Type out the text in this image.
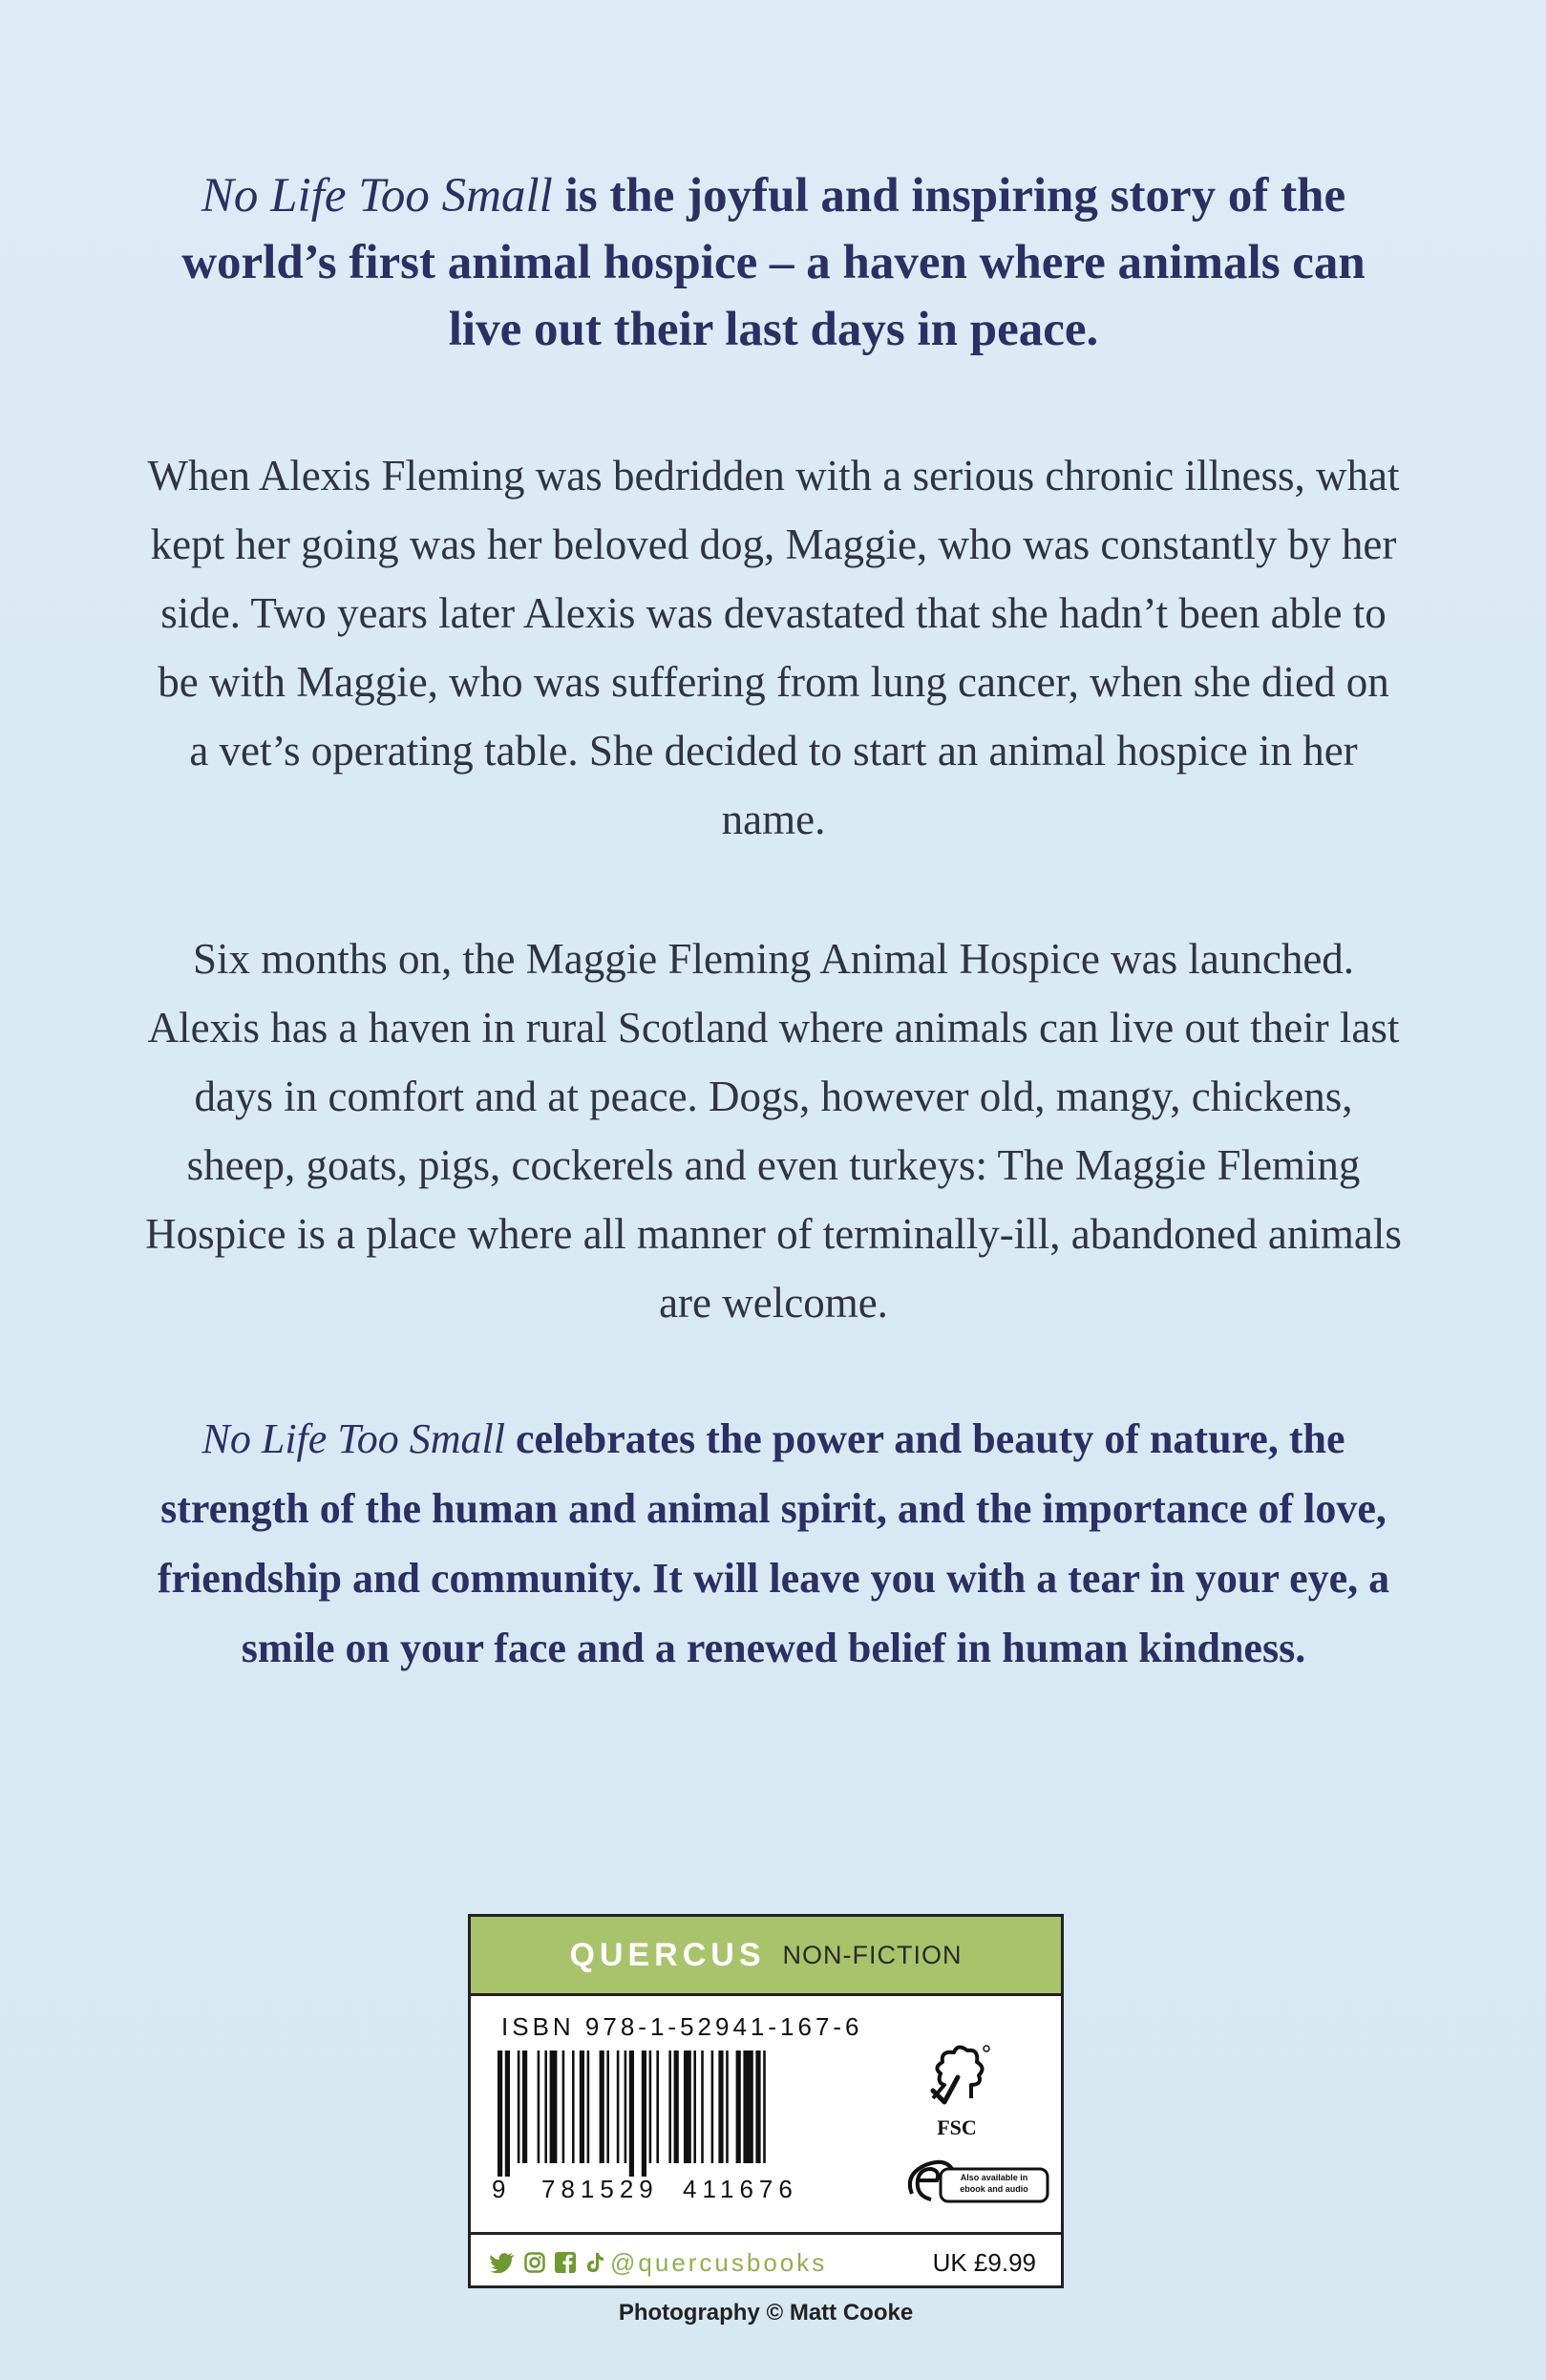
No Life Too Small is the joyful and inspiring story of the world’s first animal hospice – a haven where animals can live out their last days in peace.

When Alexis Fleming was bedridden with a serious chronic illness, what kept her going was her beloved dog, Maggie, who was constantly by her side. Two years later Alexis was devastated that she hadn’t been able to be with Maggie, who was suffering from lung cancer, when she died on a vet’s operating table. She decided to start an animal hospice in her name.

Six months on, the Maggie Fleming Animal Hospice was launched. Alexis has a haven in rural Scotland where animals can live out their last days in comfort and at peace. Dogs, however old, mangy, chickens, sheep, goats, pigs, cockerels and even turkeys: The Maggie Fleming Hospice is a place where all manner of terminally-ill, abandoned animals are welcome.

No Life Too Small celebrates the power and beauty of nature, the strength of the human and animal spirit, and the importance of love, friendship and community. It will leave you with a tear in your eye, a smile on your face and a renewed belief in human kindness.

QUERCUS NON-FICTION
ISBN 978-1-52941-167-6
9 781529 411676
FSC
Also available in
ebook and audio
@quercusbooks	UK £9.99
Photography © Matt Cooke
